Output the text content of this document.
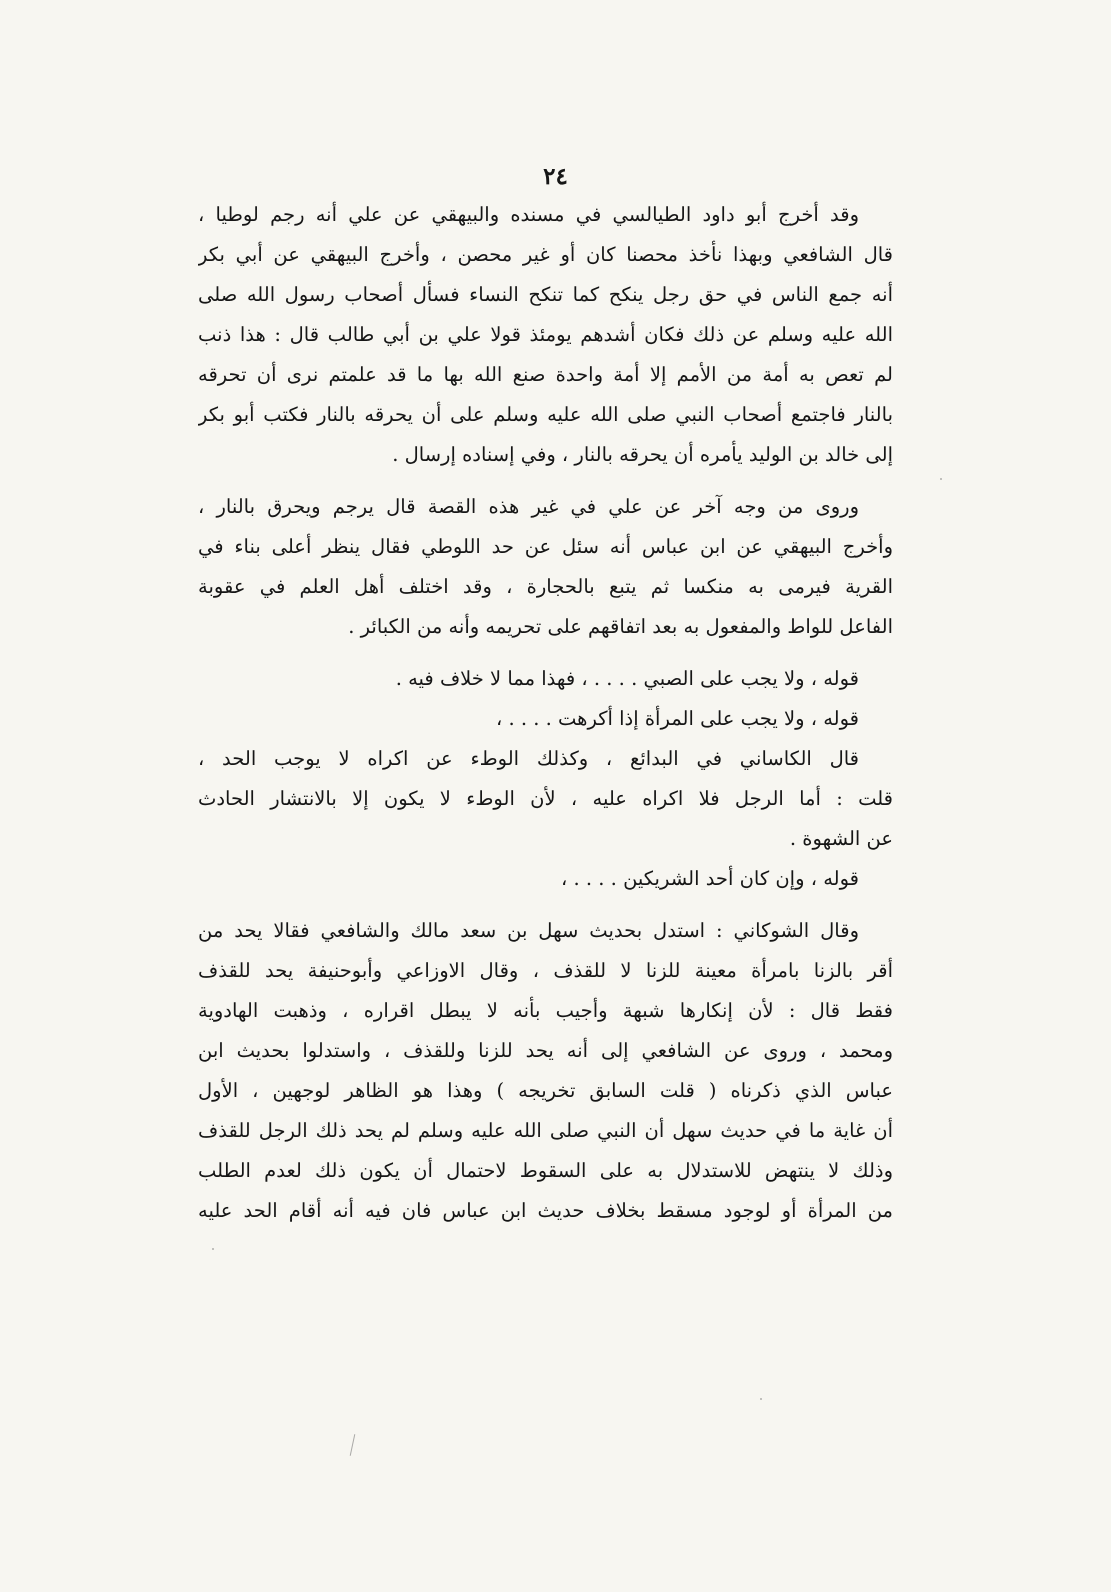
٢٤
وقد أخرج أبو داود الطيالسي في مسنده والبيهقي عن علي أنه رجم لوطيا ،
قال الشافعي وبهذا نأخذ محصنا كان أو غير محصن ، وأخرج البيهقي عن أبي بكر
أنه جمع الناس في حق رجل ينكح كما تنكح النساء فسأل أصحاب رسول الله صلى
الله عليه وسلم عن ذلك فكان أشدهم يومئذ قولا علي بن أبي طالب قال : هذا ذنب
لم تعص به أمة من الأمم إلا أمة واحدة صنع الله بها ما قد علمتم نرى أن تحرقه
بالنار فاجتمع أصحاب النبي صلى الله عليه وسلم على أن يحرقه بالنار فكتب أبو بكر
إلى خالد بن الوليد يأمره أن يحرقه بالنار ، وفي إسناده إرسال .
وروى من وجه آخر عن علي في غير هذه القصة قال يرجم ويحرق بالنار ،
وأخرج البيهقي عن ابن عباس أنه سئل عن حد اللوطي فقال ينظر أعلى بناء في
القرية فيرمى به منكسا ثم يتبع بالحجارة ، وقد اختلف أهل العلم في عقوبة
الفاعل للواط والمفعول به بعد اتفاقهم على تحريمه وأنه من الكبائر .
قوله ، ولا يجب على الصبي . . . . ، فهذا مما لا خلاف فيه .
قوله ، ولا يجب على المرأة إذا أكرهت . . . . ،
قال الكاساني في البدائع ، وكذلك الوطء عن اكراه لا يوجب الحد ،
قلت : أما الرجل فلا اكراه عليه ، لأن الوطء لا يكون إلا بالانتشار الحادث
عن الشهوة .
قوله ، وإن كان أحد الشريكين . . . . ،
وقال الشوكاني : استدل بحديث سهل بن سعد مالك والشافعي فقالا يحد من
أقر بالزنا بامرأة معينة للزنا لا للقذف ، وقال الاوزاعي وأبوحنيفة يحد للقذف
فقط قال : لأن إنكارها شبهة وأجيب بأنه لا يبطل اقراره ، وذهبت الهادوية
ومحمد ، وروى عن الشافعي إلى أنه يحد للزنا وللقذف ، واستدلوا بحديث ابن
عباس الذي ذكرناه ( قلت السابق تخريجه ) وهذا هو الظاهر لوجهين ، الأول
أن غاية ما في حديث سهل أن النبي صلى الله عليه وسلم لم يحد ذلك الرجل للقذف
وذلك لا ينتهض للاستدلال به على السقوط لاحتمال أن يكون ذلك لعدم الطلب
من المرأة أو لوجود مسقط بخلاف حديث ابن عباس فان فيه أنه أقام الحد عليه
